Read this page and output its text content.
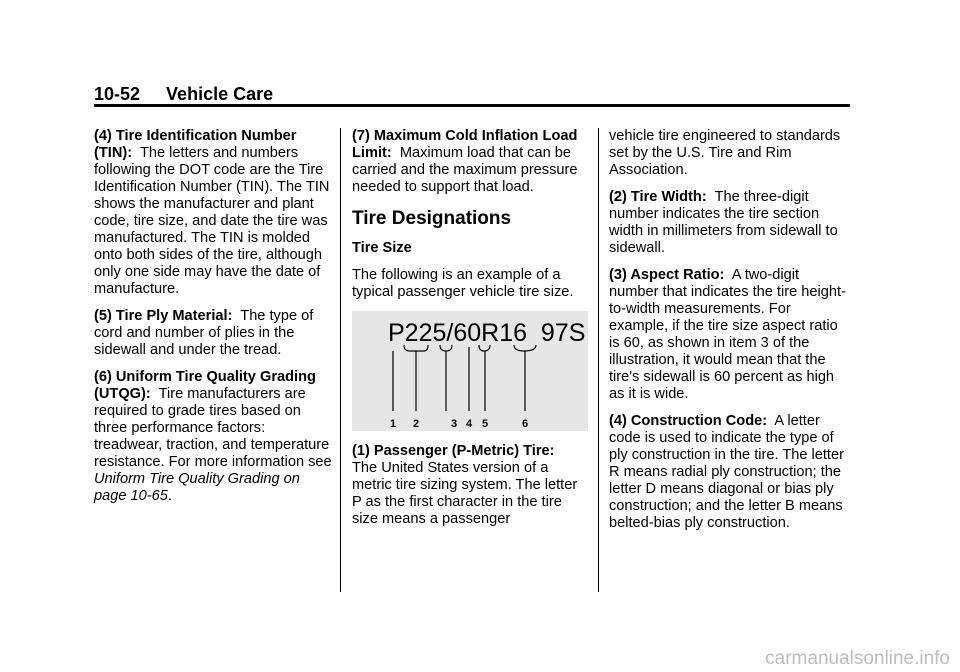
10-52 Vehicle Care

(4) Tire Identification Number (TIN): The letters and numbers following the DOT code are the Tire Identification Number (TIN). The TIN shows the manufacturer and plant code, tire size, and date the tire was manufactured. The TIN is molded onto both sides of the tire, although only one side may have the date of manufacture.

(5) Tire Ply Material: The type of cord and number of plies in the sidewall and under the tread.

(6) Uniform Tire Quality Grading (UTQG): Tire manufacturers are required to grade tires based on three performance factors: treadwear, traction, and temperature resistance. For more information see Uniform Tire Quality Grading on page 10-65.

(7) Maximum Cold Inflation Load Limit: Maximum load that can be carried and the maximum pressure needed to support that load.

Tire Designations
Tire Size

The following is an example of a typical passenger vehicle tire size.

P225/60R16  97S
1 2	3 4 5	6

(1) Passenger (P-Metric) Tire:
The United States version of a metric tire sizing system. The letter P as the first character in the tire size means a passenger

vehicle tire engineered to standards set by the U.S. Tire and Rim Association.

(2) Tire Width: The three-digit number indicates the tire section width in millimeters from sidewall to sidewall.

(3) Aspect Ratio: A two-digit number that indicates the tire height-to-width measurements. For example, if the tire size aspect ratio is 60, as shown in item 3 of the illustration, it would mean that the tire's sidewall is 60 percent as high as it is wide.

(4) Construction Code: A letter code is used to indicate the type of ply construction in the tire. The letter R means radial ply construction; the letter D means diagonal or bias ply construction; and the letter B means belted-bias ply construction.

carmanualsonline.info
